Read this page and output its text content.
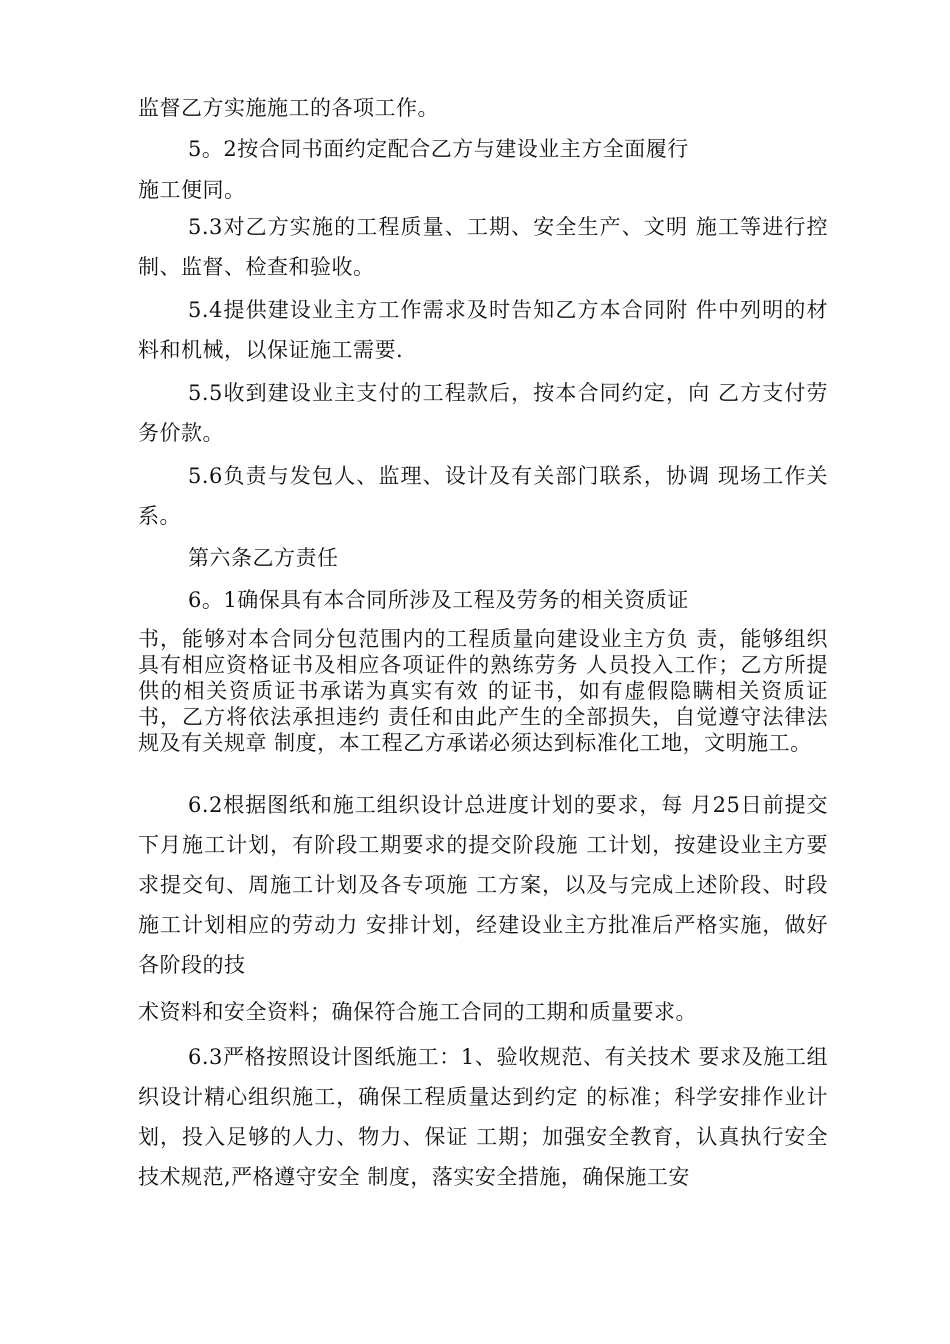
监督乙方实施施工的各项工作。
5。2按合同书面约定配合乙方与建设业主方全面履行
施工便同。
5.3对乙方实施的工程质量、工期、安全生产、文明 施工等进行控制、监督、检查和验收。
5.4提供建设业主方工作需求及时告知乙方本合同附 件中列明的材料和机械，以保证施工需要.
5.5收到建设业主支付的工程款后，按本合同约定，向 乙方支付劳务价款。
5.6负责与发包人、监理、设计及有关部门联系，协调 现场工作关系。
第六条乙方责任
6。1确保具有本合同所涉及工程及劳务的相关资质证
书，能够对本合同分包范围内的工程质量向建设业主方负 责，能够组织具有相应资格证书及相应各项证件的熟练劳务 人员投入工作；乙方所提供的相关资质证书承诺为真实有效 的证书，如有虚假隐瞒相关资质证书，乙方将依法承担违约 责任和由此产生的全部损失，自觉遵守法律法规及有关规章 制度，本工程乙方承诺必须达到标准化工地，文明施工。
6.2根据图纸和施工组织设计总进度计划的要求，每 月25日前提交下月施工计划，有阶段工期要求的提交阶段施 工计划，按建设业主方要求提交旬、周施工计划及各专项施 工方案，以及与完成上述阶段、时段施工计划相应的劳动力 安排计划，经建设业主方批准后严格实施，做好各阶段的技
术资料和安全资料；确保符合施工合同的工期和质量要求。
6.3严格按照设计图纸施工：1、验收规范、有关技术 要求及施工组织设计精心组织施工，确保工程质量达到约定 的标准；科学安排作业计划，投入足够的人力、物力、保证 工期；加强安全教育，认真执行安全技术规范,严格遵守安全 制度，落实安全措施，确保施工安
